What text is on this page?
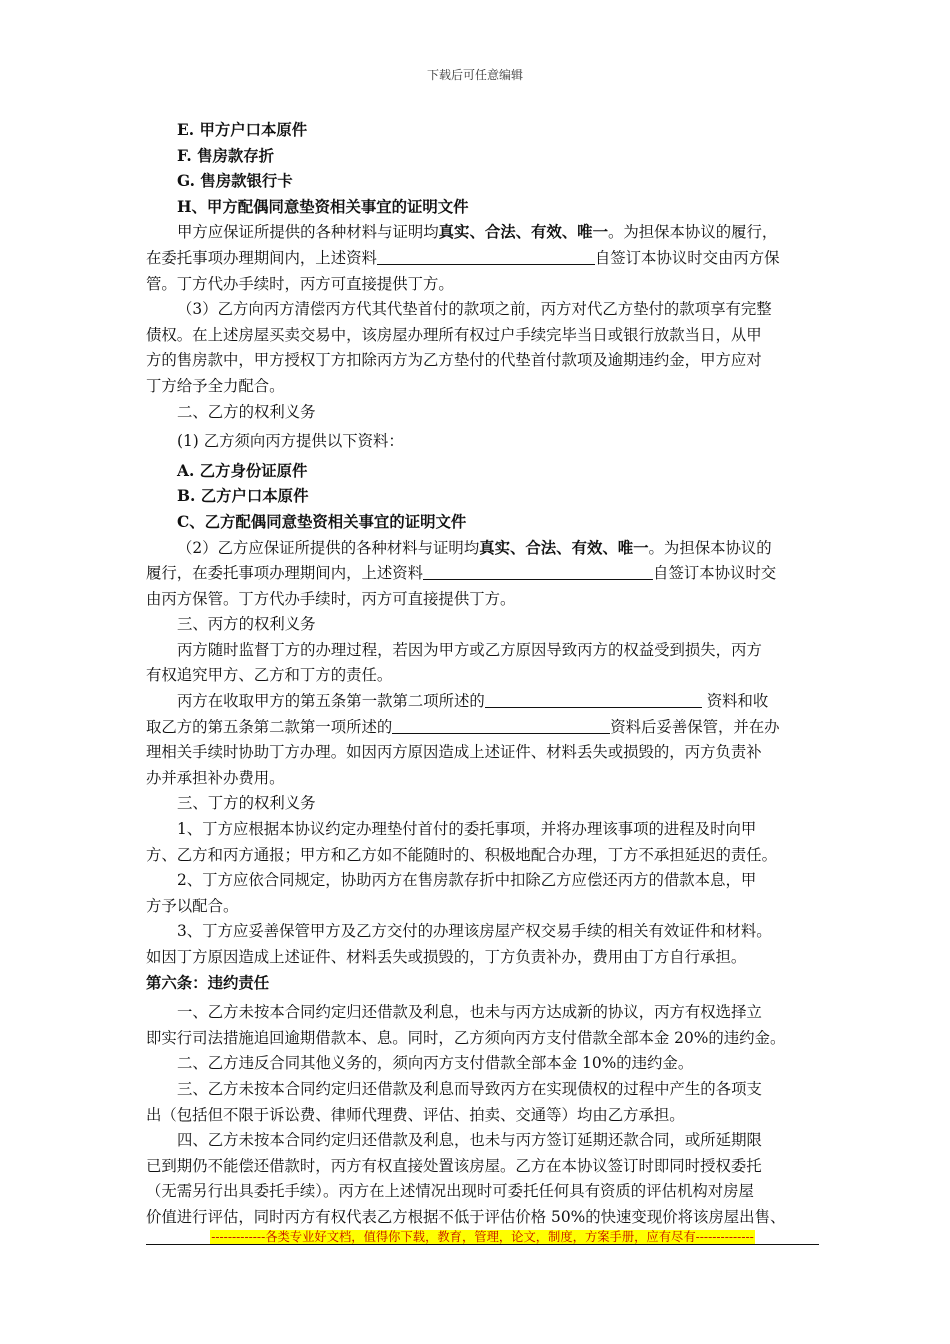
下载后可任意编辑
E. 甲方户口本原件
F. 售房款存折
G. 售房款银行卡
H、甲方配偶同意垫资相关事宜的证明文件
甲方应保证所提供的各种材料与证明均真实、合法、有效、唯一。为担保本协议的履行，
在委托事项办理期间内，上述资料	自签订本协议时交由丙方保
管。丁方代办手续时，丙方可直接提供丁方。
（3）乙方向丙方清偿丙方代其代垫首付的款项之前，丙方对代乙方垫付的款项享有完整
债权。在上述房屋买卖交易中，该房屋办理所有权过户手续完毕当日或银行放款当日，从甲
方的售房款中，甲方授权丁方扣除丙方为乙方垫付的代垫首付款项及逾期违约金，甲方应对
丁方给予全力配合。
二、乙方的权利义务
(1) 乙方须向丙方提供以下资料：
A. 乙方身份证原件
B. 乙方户口本原件
C、乙方配偶同意垫资相关事宜的证明文件
（2）乙方应保证所提供的各种材料与证明均真实、合法、有效、唯一。为担保本协议的
履行，在委托事项办理期间内，上述资料	自签订本协议时交
由丙方保管。丁方代办手续时，丙方可直接提供丁方。
三、丙方的权利义务
丙方随时监督丁方的办理过程，若因为甲方或乙方原因导致丙方的权益受到损失，丙方
有权追究甲方、乙方和丁方的责任。
丙方在收取甲方的第五条第一款第二项所述的	资料和收
取乙方的第五条第二款第一项所述的	资料后妥善保管，并在办
理相关手续时协助丁方办理。如因丙方原因造成上述证件、材料丢失或损毁的，丙方负责补
办并承担补办费用。
三、丁方的权利义务
1、丁方应根据本协议约定办理垫付首付的委托事项，并将办理该事项的进程及时向甲
方、乙方和丙方通报；甲方和乙方如不能随时的、积极地配合办理，丁方不承担延迟的责任。
2、丁方应依合同规定，协助丙方在售房款存折中扣除乙方应偿还丙方的借款本息，甲
方予以配合。
3、丁方应妥善保管甲方及乙方交付的办理该房屋产权交易手续的相关有效证件和材料。
如因丁方原因造成上述证件、材料丢失或损毁的，丁方负责补办，费用由丁方自行承担。
第六条：违约责任
一、乙方未按本合同约定归还借款及利息，也未与丙方达成新的协议，丙方有权选择立
即实行司法措施追回逾期借款本、息。同时，乙方须向丙方支付借款全部本金 20%的违约金。
二、乙方违反合同其他义务的，须向丙方支付借款全部本金 10%的违约金。
三、乙方未按本合同约定归还借款及利息而导致丙方在实现债权的过程中产生的各项支
出（包括但不限于诉讼费、律师代理费、评估、拍卖、交通等）均由乙方承担。
四、乙方未按本合同约定归还借款及利息，也未与丙方签订延期还款合同，或所延期限
已到期仍不能偿还借款时，丙方有权直接处置该房屋。乙方在本协议签订时即同时授权委托
（无需另行出具委托手续）。丙方在上述情况出现时可委托任何具有资质的评估机构对房屋
价值进行评估，同时丙方有权代表乙方根据不低于评估价格 50%的快速变现价将该房屋出售、
-------------各类专业好文档，值得你下载，教育，管理，论文，制度，方案手册，应有尽有--------------
